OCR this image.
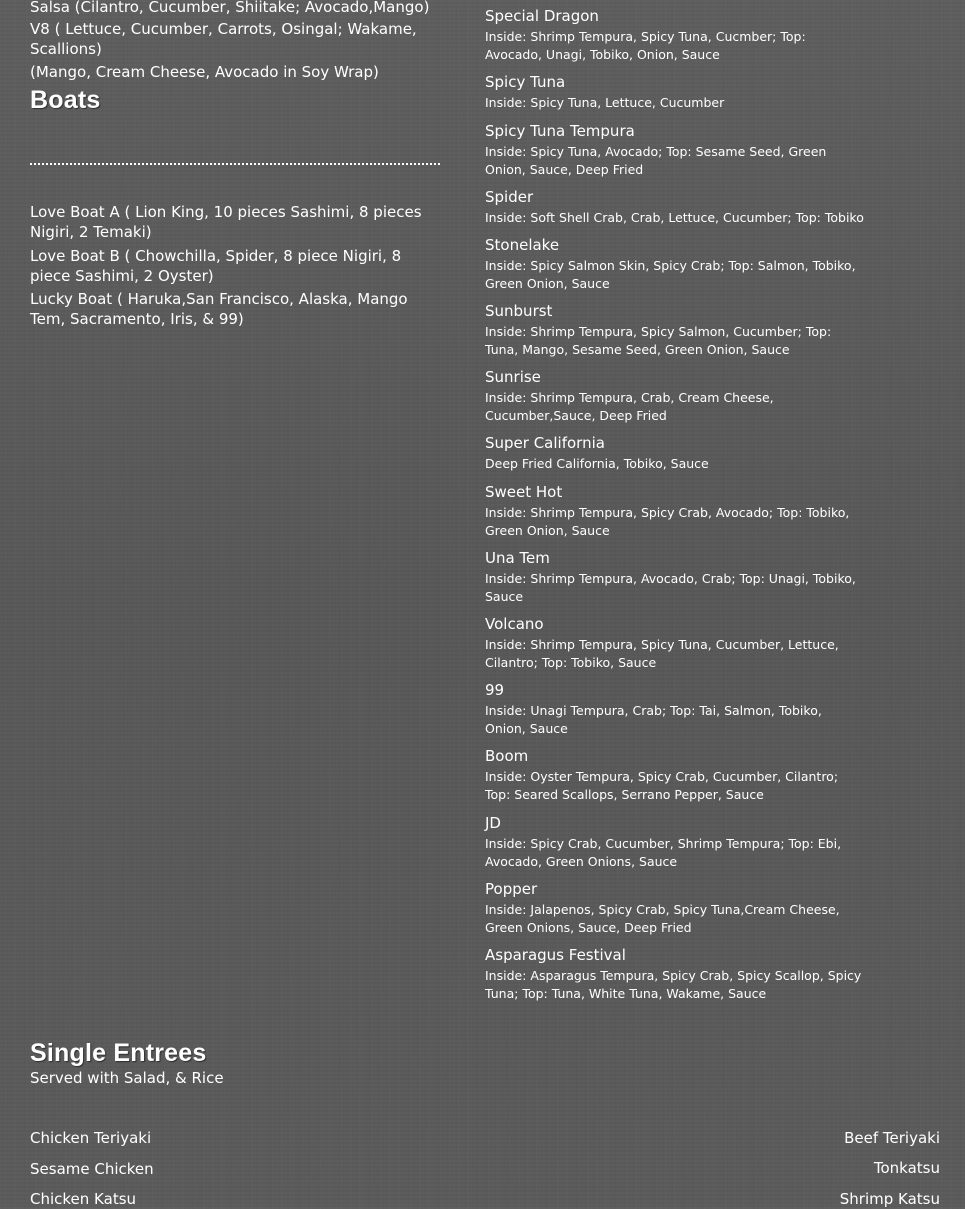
Salsa (Cilantro, Cucumber, Shiitake; Avocado,Mango)
V8 ( Lettuce, Cucumber, Carrots, Osingal; Wakame, Scallions)
(Mango, Cream Cheese, Avocado in Soy Wrap)
Boats
Love Boat A ( Lion King, 10 pieces Sashimi, 8 pieces Nigiri, 2 Temaki)
Love Boat B ( Chowchilla, Spider, 8 piece Nigiri, 8 piece Sashimi, 2 Oyster)
Lucky Boat ( Haruka,San Francisco, Alaska, Mango Tem, Sacramento, Iris, & 99)
Special Dragon
Inside: Shrimp Tempura, Spicy Tuna, Cucmber; Top: Avocado, Unagi, Tobiko, Onion, Sauce
Spicy Tuna
Inside: Spicy Tuna, Lettuce, Cucumber
Spicy Tuna Tempura
Inside: Spicy Tuna, Avocado; Top: Sesame Seed, Green Onion, Sauce, Deep Fried
Spider
Inside: Soft Shell Crab, Crab, Lettuce, Cucumber; Top: Tobiko
Stonelake
Inside: Spicy Salmon Skin, Spicy Crab; Top: Salmon, Tobiko, Green Onion, Sauce
Sunburst
Inside: Shrimp Tempura, Spicy Salmon, Cucumber; Top: Tuna, Mango, Sesame Seed, Green Onion, Sauce
Sunrise
Inside: Shrimp Tempura, Crab, Cream Cheese, Cucumber,Sauce, Deep Fried
Super California
Deep Fried California, Tobiko, Sauce
Sweet Hot
Inside: Shrimp Tempura, Spicy Crab, Avocado; Top: Tobiko, Green Onion, Sauce
Una Tem
Inside: Shrimp Tempura, Avocado, Crab; Top: Unagi, Tobiko, Sauce
Volcano
Inside: Shrimp Tempura, Spicy Tuna, Cucumber, Lettuce, Cilantro; Top: Tobiko, Sauce
99
Inside: Unagi Tempura, Crab; Top: Tai, Salmon, Tobiko, Onion, Sauce
Boom
Inside: Oyster Tempura, Spicy Crab, Cucumber, Cilantro; Top: Seared Scallops, Serrano Pepper, Sauce
JD
Inside: Spicy Crab, Cucumber, Shrimp Tempura; Top: Ebi, Avocado, Green Onions, Sauce
Popper
Inside: Jalapenos, Spicy Crab, Spicy Tuna,Cream Cheese, Green Onions, Sauce, Deep Fried
Asparagus Festival
Inside: Asparagus Tempura, Spicy Crab, Spicy Scallop, Spicy Tuna; Top: Tuna, White Tuna, Wakame, Sauce
Single Entrees
Served with Salad, & Rice
Chicken Teriyaki
Sesame Chicken
Chicken Katsu
Beef Teriyaki
Tonkatsu
Shrimp Katsu
